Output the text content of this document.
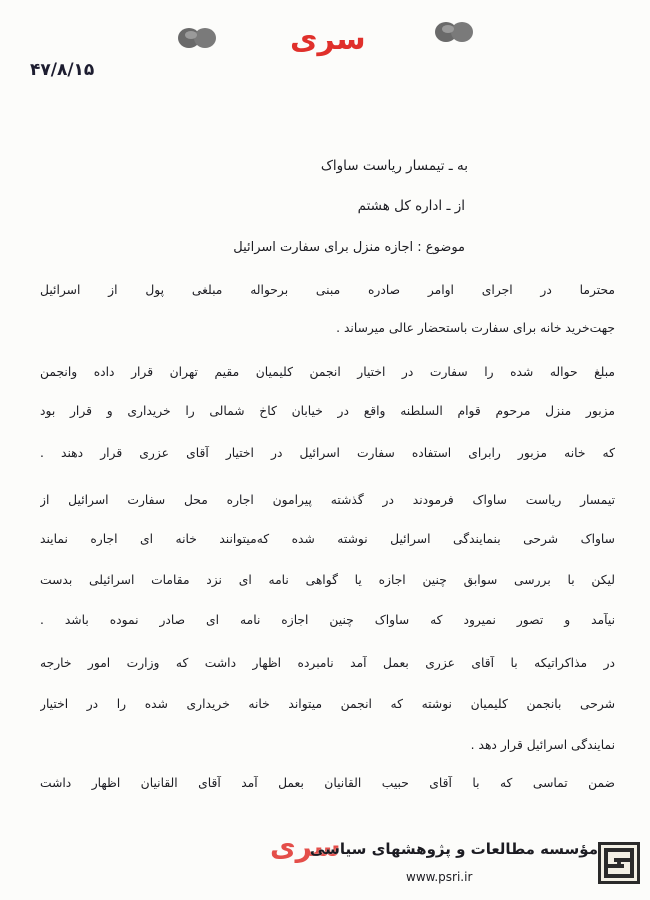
سری
۴۷/۸/۱۵
به ـ تیمسار ریاست ساواک
از ـ اداره کل هشتم
موضوع : اجازه منزل برای سفارت اسرائیل
محترما در اجرای اوامر صادره مبنی برحواله مبلغی پول از اسرائیل
جهت‌خرید خانه برای سفارت باستحضار عالی میرساند .
مبلغ حواله شده را سفارت در اختیار انجمن کلیمیان مقیم تهران قرار داده وانجمن
مزبور منزل مرحوم قوام السلطنه واقع در خیابان کاخ شمالی را خریداری و قرار بود
که خانه مزبور رابرای استفاده سفارت اسرائیل در اختیار آقای عزری قرار دهند .
تیمسار ریاست ساواک فرمودند در گذشته پیرامون اجاره محل سفارت اسرائیل از
ساواک شرحی بنمایندگی اسرائیل نوشته شده که‌میتوانند خانه ای اجاره نمایند
لیکن با بررسی سوابق چنین اجازه یا گواهی نامه ای نزد مقامات اسرائیلی بدست
نیآمد و تصور نمیرود که ساواک چنین اجازه نامه ای صادر نموده باشد .
در مذاکراتیکه با آقای عزری بعمل آمد نامبرده اظهار داشت که وزارت امور خارجه
شرحی بانجمن کلیمیان نوشته که انجمن میتواند خانه خریداری شده را در اختیار
نمایندگی اسرائیل قرار دهد .
ضمن تماسی که با آقای حبیب القانیان بعمل آمد آقای القانیان اظهار داشت
سری
مؤسسه مطالعات و پژوهشهای سیاسی
www.psri.ir
